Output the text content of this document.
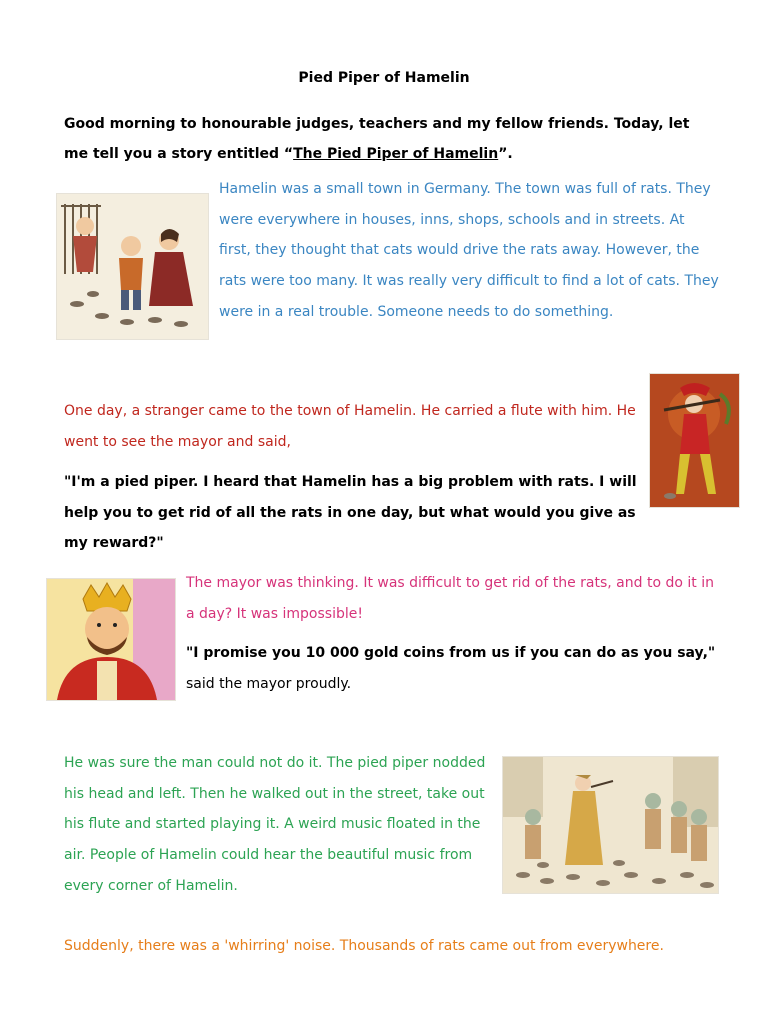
Pied Piper of Hamelin

Good morning to honourable judges, teachers and my fellow friends. Today, let me tell you a story entitled “The Pied Piper of Hamelin”.

Hamelin was a small town in Germany. The town was full of rats. They were everywhere in houses, inns, shops, schools and in streets. At first, they thought that cats would drive the rats away. However, the rats were too many. It was really very difficult to find a lot of cats. They were in a real trouble. Someone needs to do something.

One day, a stranger came to the town of Hamelin. He carried a flute with him. He went to see the mayor and said,

"I'm a pied piper. I heard that Hamelin has a big problem with rats. I will help you to get rid of all the rats in one day, but what would you give as my reward?"

The mayor was thinking. It was difficult to get rid of the rats, and to do it in a day? It was impossible!

"I promise you 10 000 gold coins from us if you can do as you say,"

said the mayor proudly.

He was sure the man could not do it. The pied piper nodded his head and left. Then he walked out in the street, take out his flute and started playing it. A weird music floated in the air. People of Hamelin could hear the beautiful music from every corner of Hamelin.

Suddenly, there was a 'whirring' noise. Thousands of rats came out from everywhere.
